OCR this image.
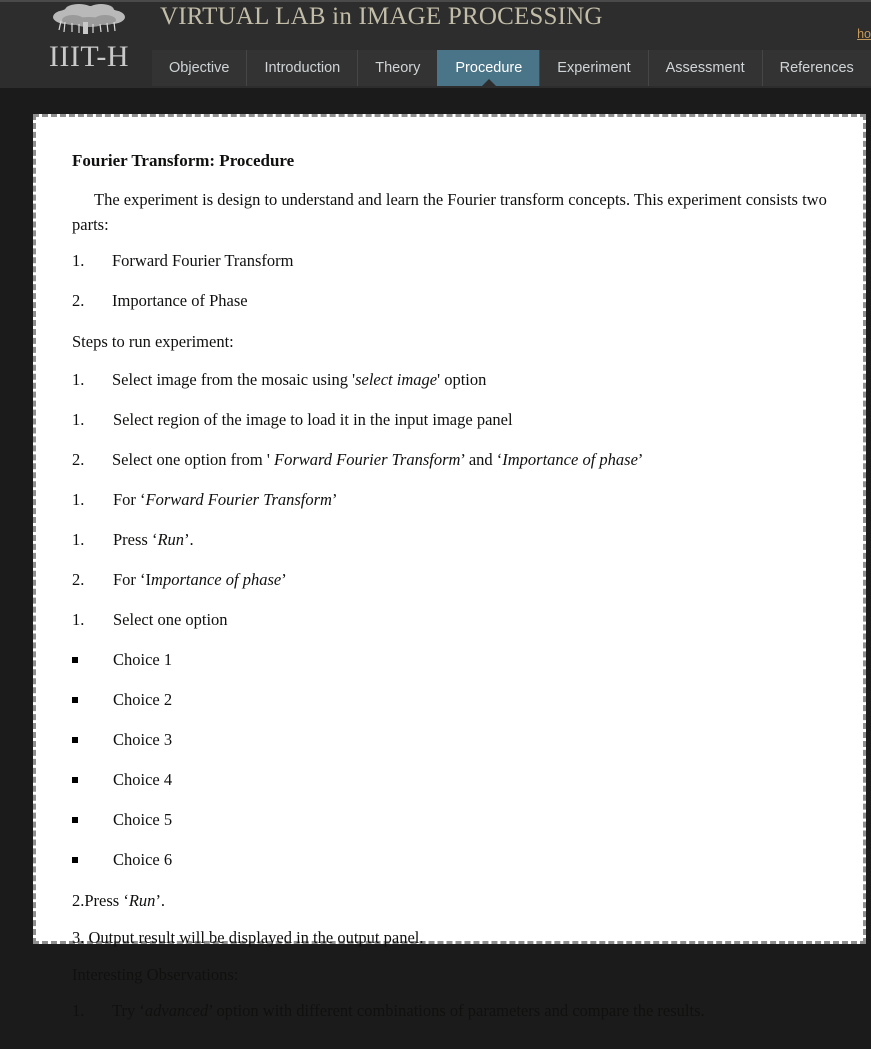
IIIT-H
VIRTUAL LAB in IMAGE PROCESSING
ho
Objective	Introduction	Theory	Procedure	Experiment	Assessment	References
Fourier Transform: Procedure

The experiment is design to understand and learn the Fourier transform concepts. This experiment consists two parts:

1.	Forward Fourier Transform
2.	Importance of Phase

Steps to run experiment:

1.	Select image from the mosaic using 'select image' option
1.	Select region of the image to load it in the input image panel
2.	Select one option from ' Forward Fourier Transform’ and ‘Importance of phase’
1.	For ‘Forward Fourier Transform’
1.	Press ‘Run’.
2.	For ‘Importance of phase’
1.	Select one option
Choice 1
Choice 2
Choice 3
Choice 4
Choice 5
Choice 6

2.Press ‘Run’.

3. Output result will be displayed in the output panel.

Interesting Observations:

1.	Try ‘advanced’ option with different combinations of parameters and compare the results.
